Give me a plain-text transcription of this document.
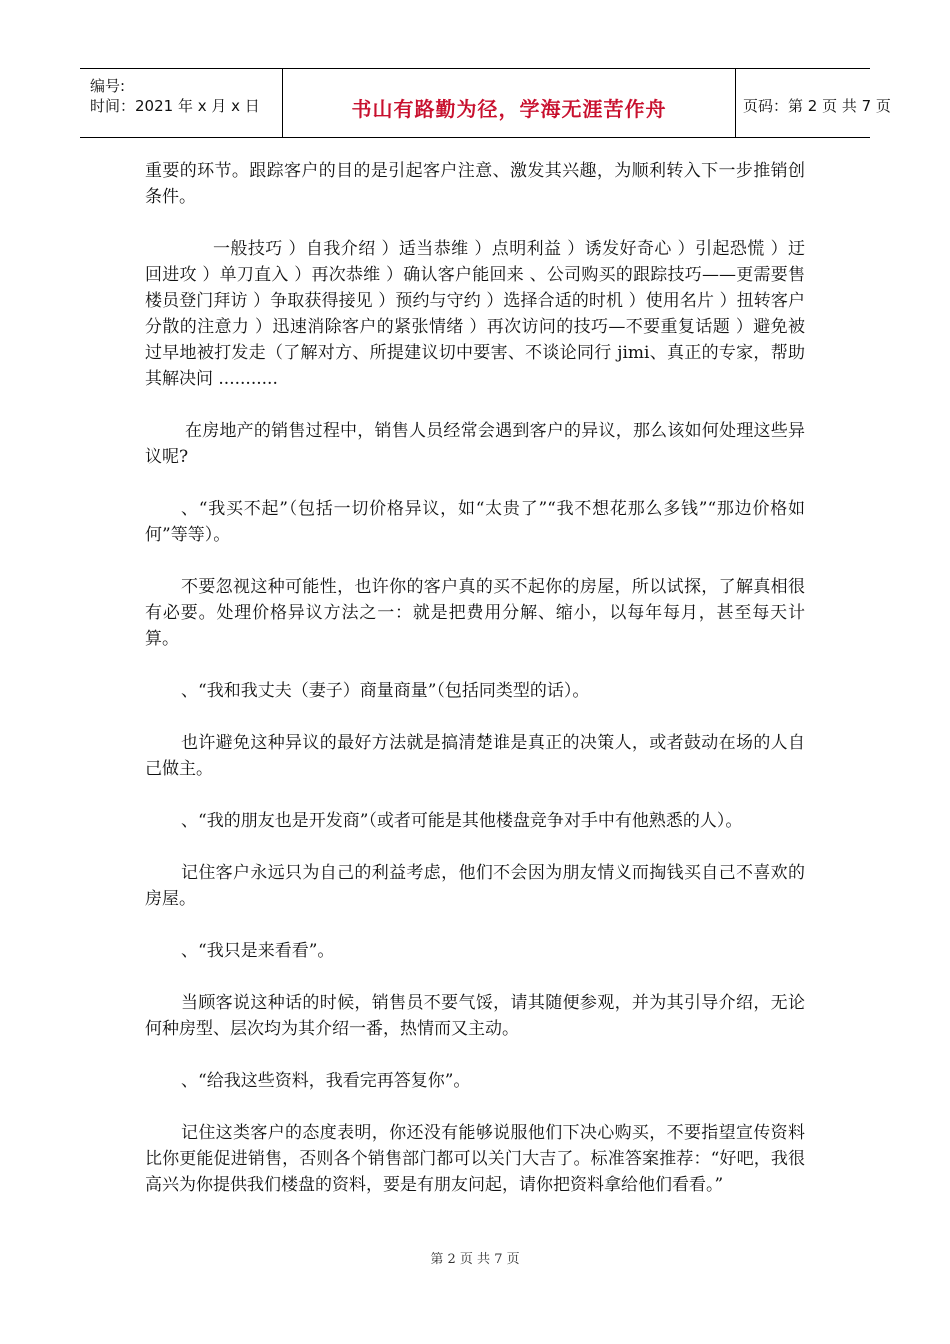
编号:
时间：2021 年 x 月 x 日	书山有路勤为径，学海无涯苦作舟	页码：第 2 页 共 7 页

重要的环节。跟踪客户的目的是引起客户注意、激发其兴趣，为顺利转入下一步推销创条件。

一般技巧 ）自我介绍 ）适当恭维 ）点明利益 ）诱发好奇心 ）引起恐慌 ）迂回进攻 ）单刀直入 ）再次恭维 ）确认客户能回来 、公司购买的跟踪技巧——更需要售楼员登门拜访 ）争取获得接见 ）预约与守约 ）选择合适的时机 ）使用名片 ）扭转客户分散的注意力 ）迅速消除客户的紧张情绪 ）再次访问的技巧—不要重复话题 ）避免被过早地被打发走（了解对方、所提建议切中要害、不谈论同行 jimi、真正的专家，帮助其解决问 ...........

在房地产的销售过程中，销售人员经常会遇到客户的异议，那么该如何处理这些异议呢?

、“我买不起”（包括一切价格异议，如“太贵了”“我不想花那么多钱”“那边价格如何”等等）。

不要忽视这种可能性，也许你的客户真的买不起你的房屋，所以试探，了解真相很有必要。处理价格异议方法之一：就是把费用分解、缩小，以每年每月，甚至每天计算。

、“我和我丈夫（妻子）商量商量”（包括同类型的话）。

也许避免这种异议的最好方法就是搞清楚谁是真正的决策人，或者鼓动在场的人自己做主。

、“我的朋友也是开发商”（或者可能是其他楼盘竞争对手中有他熟悉的人）。

记住客户永远只为自己的利益考虑，他们不会因为朋友情义而掏钱买自己不喜欢的房屋。

、“我只是来看看”。

当顾客说这种话的时候，销售员不要气馁，请其随便参观，并为其引导介绍，无论何种房型、层次均为其介绍一番，热情而又主动。

、“给我这些资料，我看完再答复你”。

记住这类客户的态度表明，你还没有能够说服他们下决心购买，不要指望宣传资料比你更能促进销售，否则各个销售部门都可以关门大吉了。标准答案推荐：“好吧，我很高兴为你提供我们楼盘的资料，要是有朋友问起，请你把资料拿给他们看看。”

第 2 页 共 7 页
